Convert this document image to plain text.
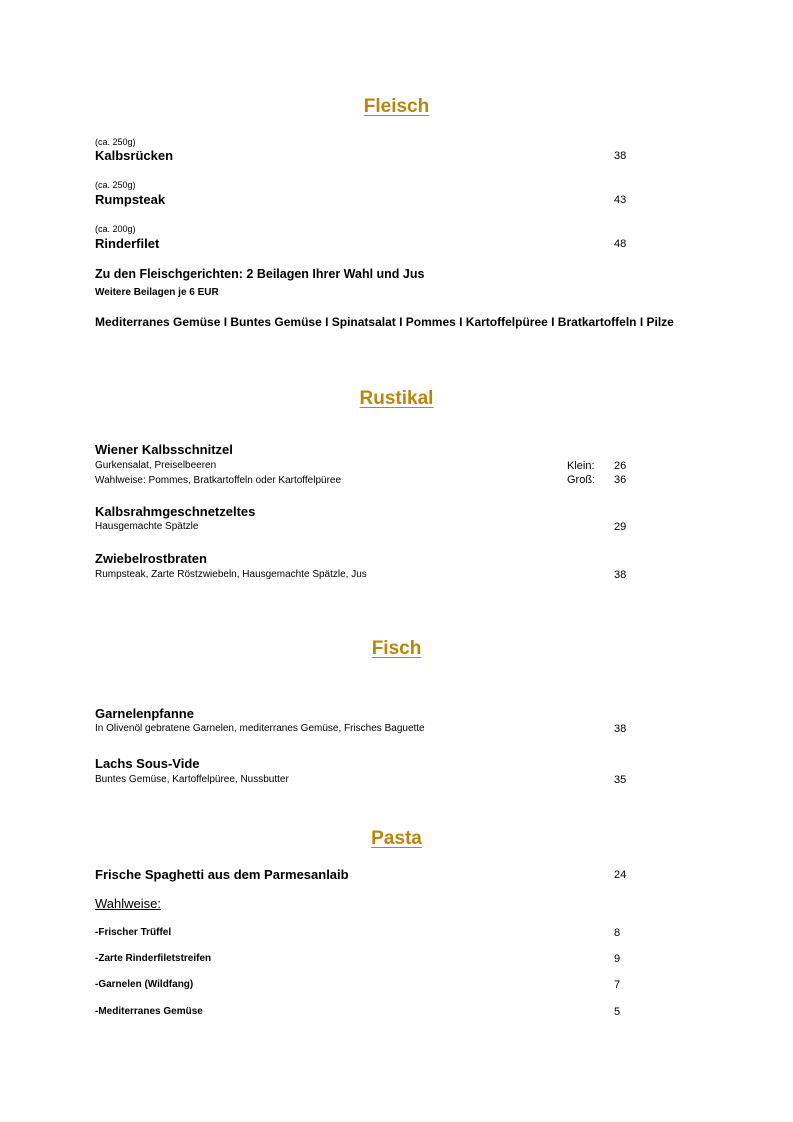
Fleisch
(ca. 250g)
Kalbsrücken	38
(ca. 250g)
Rumpsteak	43
(ca. 200g)
Rinderfilet	48
Zu den Fleischgerichten: 2 Beilagen Ihrer Wahl und Jus
Weitere Beilagen je 6 EUR
Mediterranes Gemüse I Buntes Gemüse I Spinatsalat I Pommes I Kartoffelpüree I Bratkartoffeln I Pilze
Rustikal
Wiener Kalbsschnitzel
Gurkensalat, Preiselbeeren
Wahlweise: Pommes, Bratkartoffeln oder Kartoffelpüree
Klein: 26
Groß: 36
Kalbsrahmgeschnetzeltes
Hausgemachte Spätzle	29
Zwiebelrostbraten
Rumpsteak, Zarte Röstzwiebeln, Hausgemachte Spätzle, Jus	38
Fisch
Garnelenpfanne
In Olivenöl gebratene Garnelen, mediterranes Gemüse, Frisches Baguette	38
Lachs Sous-Vide
Buntes Gemüse, Kartoffelpüree, Nussbutter	35
Pasta
Frische Spaghetti aus dem Parmesanlaib	24
Wahlweise:
-Frischer Trüffel	8
-Zarte Rinderfiletstreifen	9
-Garnelen (Wildfang)	7
-Mediterranes Gemüse	5
